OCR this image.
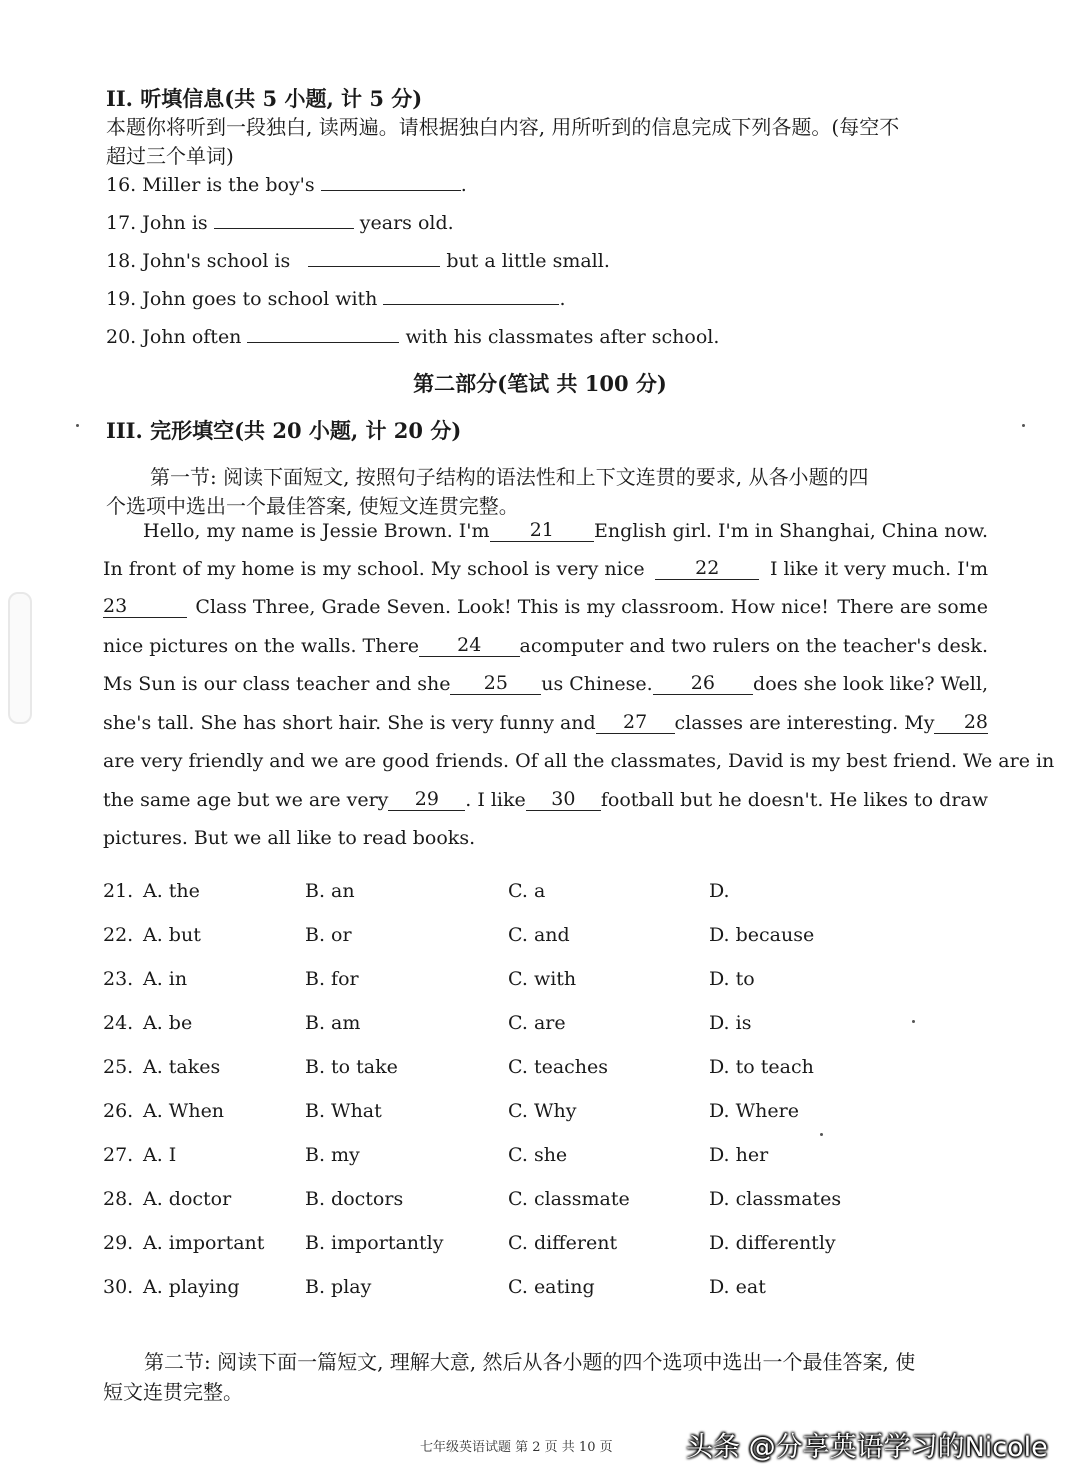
II. 听填信息(共 5 小题, 计 5 分)
本题你将听到一段独白, 读两遍。请根据独白内容, 用所听到的信息完成下列各题。(每空不
超过三个单词)
16. Miller is the boy's	.
17. John is	years old.
18. John's school is	but a little small.
19. John goes to school with	.
20. John often	with his classmates after school.
第二部分(笔试 共 100 分)
III. 完形填空(共 20 小题, 计 20 分)
第一节: 阅读下面短文, 按照句子结构的语法性和上下文连贯的要求, 从各小题的四
个选项中选出一个最佳答案, 使短文连贯完整。
Hello, my name is Jessie Brown. I'm	21	English girl. I'm in Shanghai, China now.
In front of my home is my school. My school is very nice	22	I like it very much. I'm
23	Class Three, Grade Seven. Look! This is my classroom. How nice! There are some
nice pictures on the walls. There	24	a computer and two rulers on the teacher's desk.
Ms Sun is our class teacher and she	25	us Chinese.	26	does she look like? Well,
she's tall. She has short hair. She is very funny and	27	classes are interesting. My	28
are very friendly and we are good friends. Of all the classmates, David is my best friend. We are in
the same age but we are very	29	. I like	30	football but he doesn't. He likes to draw
pictures. But we all like to read books.
21. A. the	B. an	C. a	D.
22. A. but	B. or	C. and	D. because
23. A. in	B. for	C. with	D. to
24. A. be	B. am	C. are	D. is
25. A. takes	B. to take	C. teaches	D. to teach
26. A. When	B. What	C. Why	D. Where
27. A. I	B. my	C. she	D. her
28. A. doctor	B. doctors	C. classmate	D. classmates
29. A. important B. importantly	C. different	D. differently
30. A. playing	B. play	C. eating	D. eat
第二节: 阅读下面一篇短文, 理解大意, 然后从各小题的四个选项中选出一个最佳答案, 使
短文连贯完整。
七年级英语试题 第 2 页 共 10 页	头条 @分享英语学习的Nicole
